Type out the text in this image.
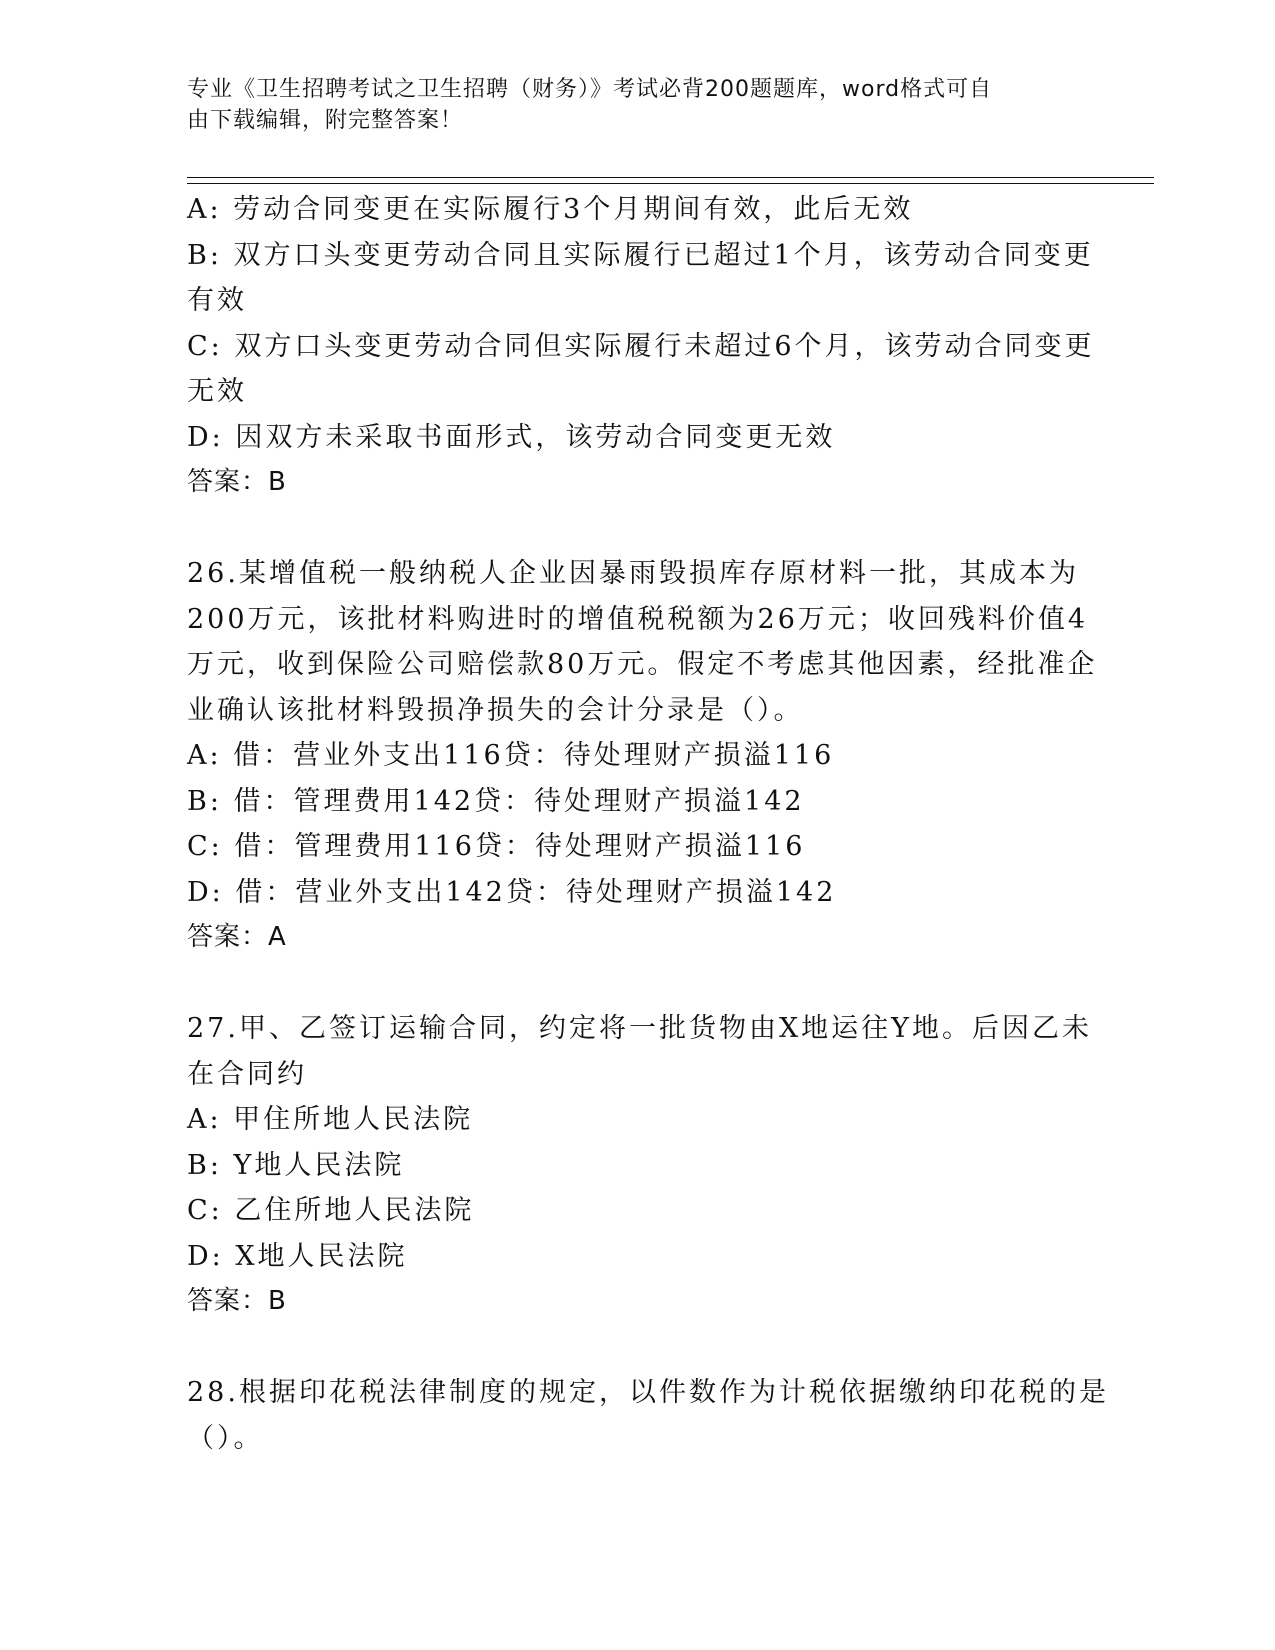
专业《卫生招聘考试之卫生招聘（财务）》考试必背200题题库，word格式可自
由下载编辑，附完整答案！
A: 劳动合同变更在实际履行3个月期间有效，此后无效
B: 双方口头变更劳动合同且实际履行已超过1个月，该劳动合同变更
有效
C: 双方口头变更劳动合同但实际履行未超过6个月，该劳动合同变更
无效
D: 因双方未采取书面形式，该劳动合同变更无效
答案：B
26.某增值税一般纳税人企业因暴雨毁损库存原材料一批，其成本为
200万元，该批材料购进时的增值税税额为26万元；收回残料价值4
万元，收到保险公司赔偿款80万元。假定不考虑其他因素，经批准企
业确认该批材料毁损净损失的会计分录是（）。
A: 借：营业外支出116贷：待处理财产损溢116
B: 借：管理费用142贷：待处理财产损溢142
C: 借：管理费用116贷：待处理财产损溢116
D: 借：营业外支出142贷：待处理财产损溢142
答案：A
27.甲、乙签订运输合同，约定将一批货物由X地运往Y地。后因乙未
在合同约
A: 甲住所地人民法院
B: Y地人民法院
C: 乙住所地人民法院
D: X地人民法院
答案：B
28.根据印花税法律制度的规定，以件数作为计税依据缴纳印花税的是
（）。
